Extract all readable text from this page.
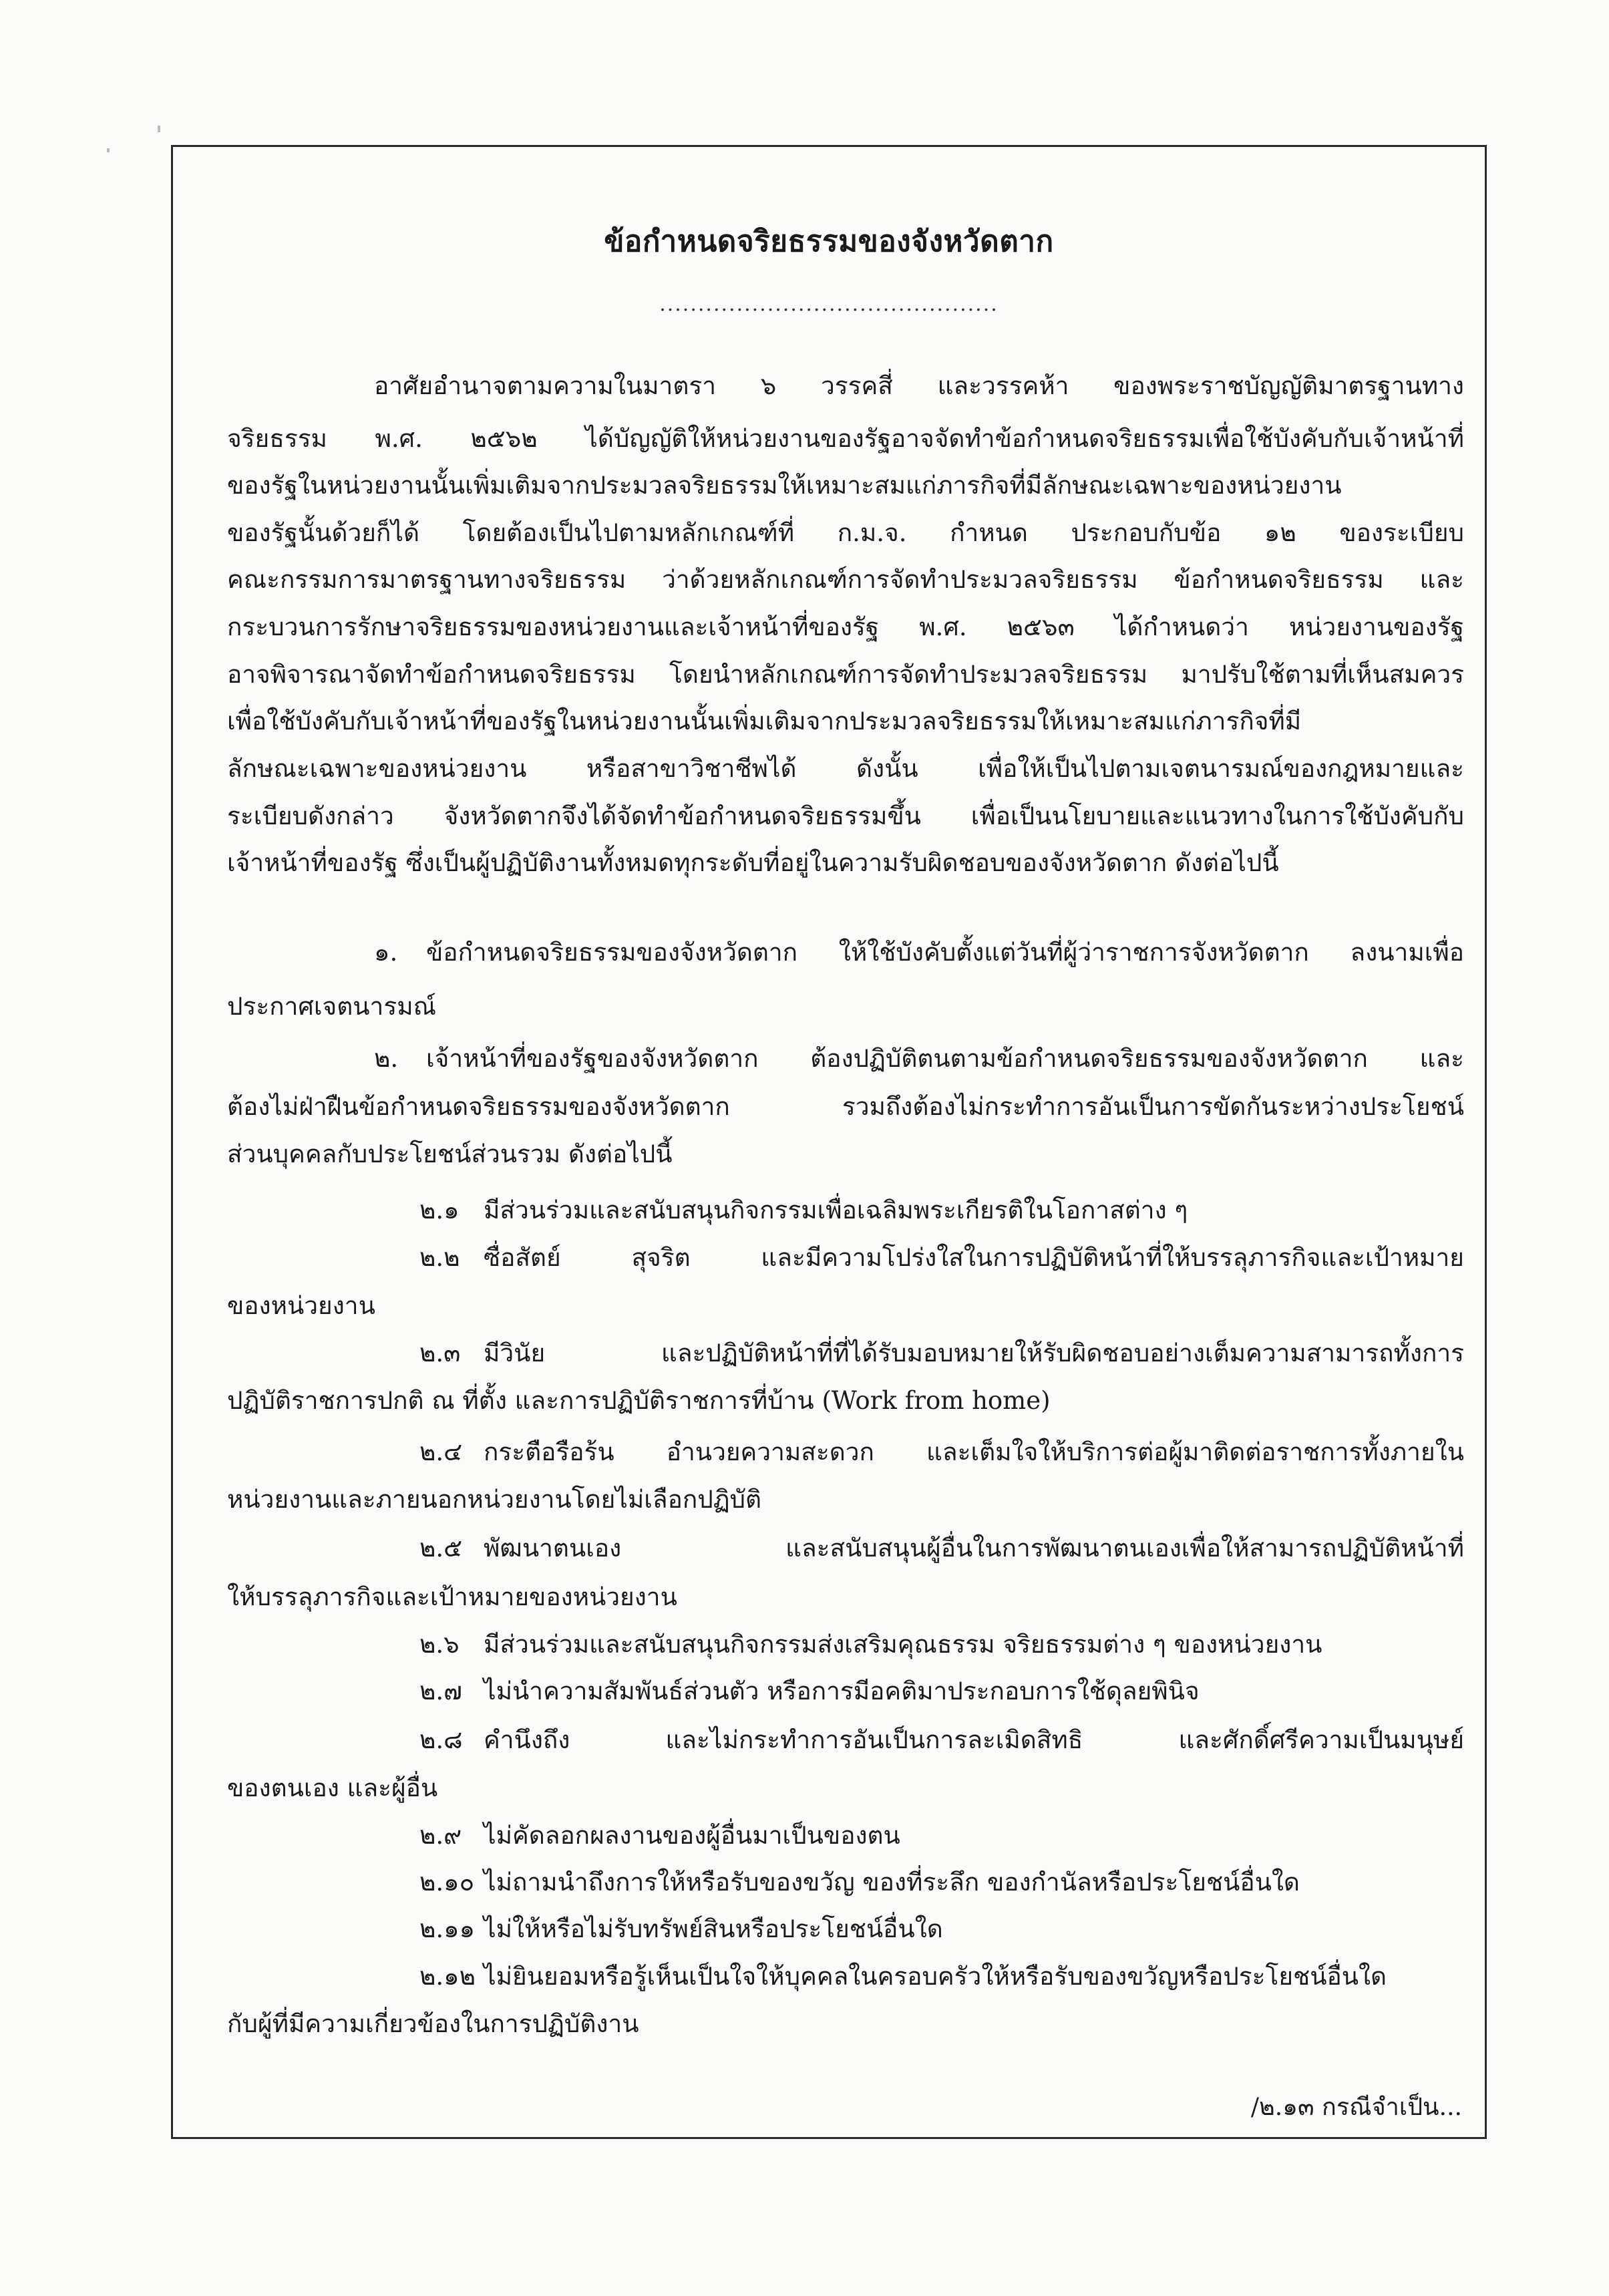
ข้อกำหนดจริยธรรมของจังหวัดตาก
............................................
อาศัยอำนาจตามความในมาตรา ๖ วรรคสี่ และวรรคห้า ของพระราชบัญญัติมาตรฐานทาง
จริยธรรม พ.ศ. ๒๕๖๒ ได้บัญญัติให้หน่วยงานของรัฐอาจจัดทำข้อกำหนดจริยธรรมเพื่อใช้บังคับกับเจ้าหน้าที่
ของรัฐในหน่วยงานนั้นเพิ่มเติมจากประมวลจริยธรรมให้เหมาะสมแก่ภารกิจที่มีลักษณะเฉพาะของหน่วยงาน
ของรัฐนั้นด้วยก็ได้ โดยต้องเป็นไปตามหลักเกณฑ์ที่ ก.ม.จ. กำหนด ประกอบกับข้อ ๑๒ ของระเบียบ
คณะกรรมการมาตรฐานทางจริยธรรม ว่าด้วยหลักเกณฑ์การจัดทำประมวลจริยธรรม ข้อกำหนดจริยธรรม และ
กระบวนการรักษาจริยธรรมของหน่วยงานและเจ้าหน้าที่ของรัฐ พ.ศ. ๒๕๖๓ ได้กำหนดว่า หน่วยงานของรัฐ
อาจพิจารณาจัดทำข้อกำหนดจริยธรรม โดยนำหลักเกณฑ์การจัดทำประมวลจริยธรรม มาปรับใช้ตามที่เห็นสมควร
เพื่อใช้บังคับกับเจ้าหน้าที่ของรัฐในหน่วยงานนั้นเพิ่มเติมจากประมวลจริยธรรมให้เหมาะสมแก่ภารกิจที่มี
ลักษณะเฉพาะของหน่วยงาน หรือสาขาวิชาชีพได้ ดังนั้น เพื่อให้เป็นไปตามเจตนารมณ์ของกฎหมายและ
ระเบียบดังกล่าว จังหวัดตากจึงได้จัดทำข้อกำหนดจริยธรรมขึ้น เพื่อเป็นนโยบายและแนวทางในการใช้บังคับกับ
เจ้าหน้าที่ของรัฐ ซึ่งเป็นผู้ปฏิบัติงานทั้งหมดทุกระดับที่อยู่ในความรับผิดชอบของจังหวัดตาก ดังต่อไปนี้
๑. ข้อกำหนดจริยธรรมของจังหวัดตาก ให้ใช้บังคับตั้งแต่วันที่ผู้ว่าราชการจังหวัดตาก ลงนามเพื่อ
ประกาศเจตนารมณ์
๒. เจ้าหน้าที่ของรัฐของจังหวัดตาก ต้องปฏิบัติตนตามข้อกำหนดจริยธรรมของจังหวัดตาก และ
ต้องไม่ฝ่าฝืนข้อกำหนดจริยธรรมของจังหวัดตาก รวมถึงต้องไม่กระทำการอันเป็นการขัดกันระหว่างประโยชน์
ส่วนบุคคลกับประโยชน์ส่วนรวม ดังต่อไปนี้
๒.๑ มีส่วนร่วมและสนับสนุนกิจกรรมเพื่อเฉลิมพระเกียรติในโอกาสต่าง ๆ
๒.๒ ซื่อสัตย์ สุจริต และมีความโปร่งใสในการปฏิบัติหน้าที่ให้บรรลุภารกิจและเป้าหมาย
ของหน่วยงาน
๒.๓ มีวินัย และปฏิบัติหน้าที่ที่ได้รับมอบหมายให้รับผิดชอบอย่างเต็มความสามารถทั้งการ
ปฏิบัติราชการปกติ ณ ที่ตั้ง และการปฏิบัติราชการที่บ้าน (Work from home)
๒.๔ กระตือรือร้น อำนวยความสะดวก และเต็มใจให้บริการต่อผู้มาติดต่อราชการทั้งภายใน
หน่วยงานและภายนอกหน่วยงานโดยไม่เลือกปฏิบัติ
๒.๕ พัฒนาตนเอง และสนับสนุนผู้อื่นในการพัฒนาตนเองเพื่อให้สามารถปฏิบัติหน้าที่
ให้บรรลุภารกิจและเป้าหมายของหน่วยงาน
๒.๖ มีส่วนร่วมและสนับสนุนกิจกรรมส่งเสริมคุณธรรม จริยธรรมต่าง ๆ ของหน่วยงาน
๒.๗ ไม่นำความสัมพันธ์ส่วนตัว หรือการมีอคติมาประกอบการใช้ดุลยพินิจ
๒.๘ คำนึงถึง และไม่กระทำการอันเป็นการละเมิดสิทธิ และศักดิ์ศรีความเป็นมนุษย์
ของตนเอง และผู้อื่น
๒.๙ ไม่คัดลอกผลงานของผู้อื่นมาเป็นของตน
๒.๑๐ ไม่ถามนำถึงการให้หรือรับของขวัญ ของที่ระลึก ของกำนัลหรือประโยชน์อื่นใด
๒.๑๑ ไม่ให้หรือไม่รับทรัพย์สินหรือประโยชน์อื่นใด
๒.๑๒ ไม่ยินยอมหรือรู้เห็นเป็นใจให้บุคคลในครอบครัวให้หรือรับของขวัญหรือประโยชน์อื่นใด
กับผู้ที่มีความเกี่ยวข้องในการปฏิบัติงาน
/๒.๑๓ กรณีจำเป็น...
